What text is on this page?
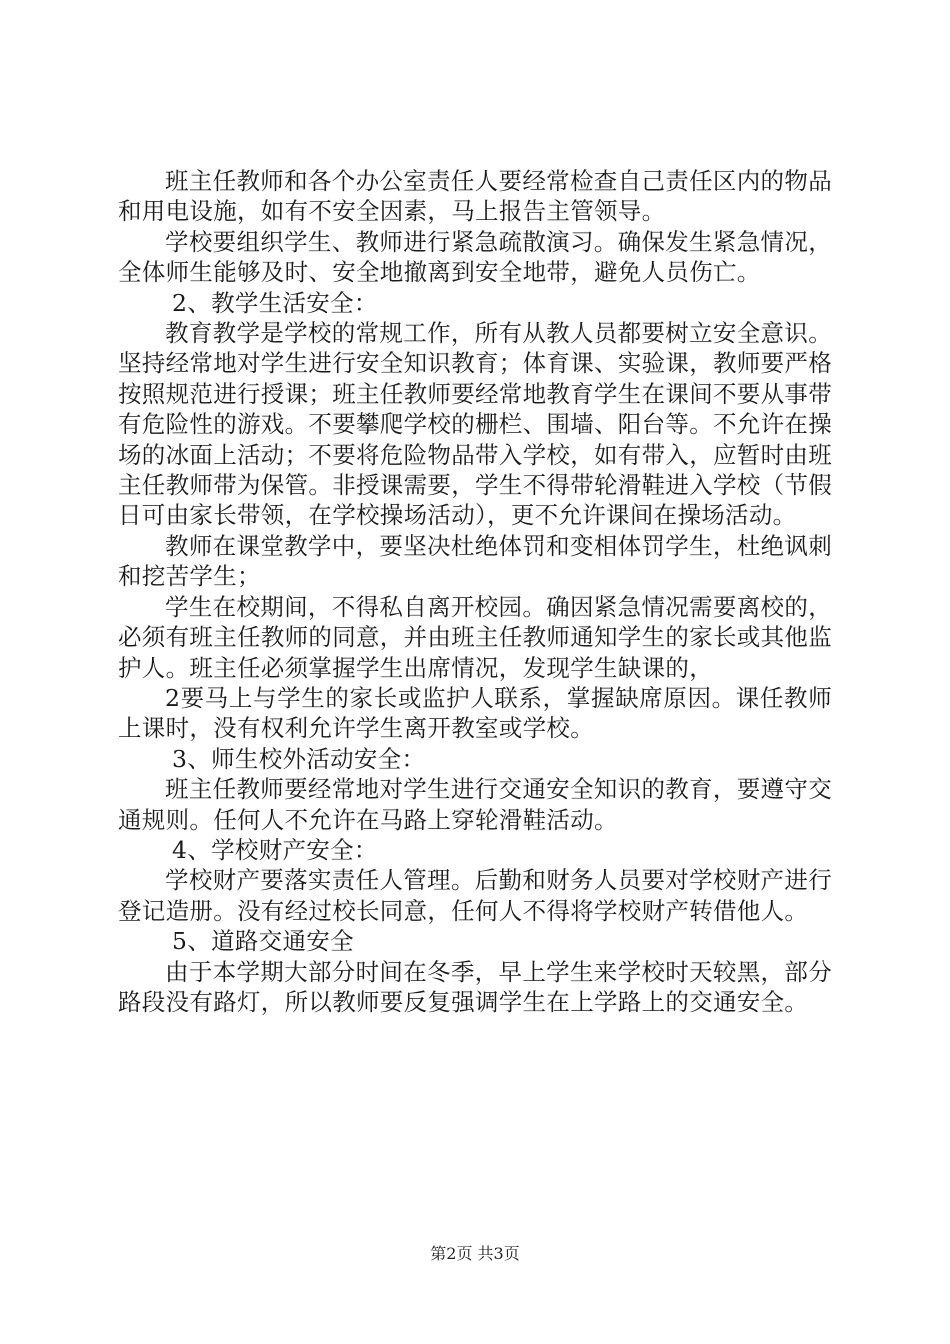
班主任教师和各个办公室责任人要经常检查自己责任区内的物品和用电设施，如有不安全因素，马上报告主管领导。

学校要组织学生、教师进行紧急疏散演习。确保发生紧急情况，全体师生能够及时、安全地撤离到安全地带，避免人员伤亡。

2、教学生活安全：

教育教学是学校的常规工作，所有从教人员都要树立安全意识。坚持经常地对学生进行安全知识教育；体育课、实验课，教师要严格按照规范进行授课；班主任教师要经常地教育学生在课间不要从事带有危险性的游戏。不要攀爬学校的栅栏、围墙、阳台等。不允许在操场的冰面上活动；不要将危险物品带入学校，如有带入，应暂时由班主任教师带为保管。非授课需要，学生不得带轮滑鞋进入学校（节假日可由家长带领，在学校操场活动），更不允许课间在操场活动。

教师在课堂教学中，要坚决杜绝体罚和变相体罚学生，杜绝讽刺和挖苦学生；

学生在校期间，不得私自离开校园。确因紧急情况需要离校的，必须有班主任教师的同意，并由班主任教师通知学生的家长或其他监护人。班主任必须掌握学生出席情况，发现学生缺课的，

2要马上与学生的家长或监护人联系，掌握缺席原因。课任教师上课时，没有权利允许学生离开教室或学校。

3、师生校外活动安全：

班主任教师要经常地对学生进行交通安全知识的教育，要遵守交通规则。任何人不允许在马路上穿轮滑鞋活动。

4、学校财产安全：

学校财产要落实责任人管理。后勤和财务人员要对学校财产进行登记造册。没有经过校长同意，任何人不得将学校财产转借他人。

5、道路交通安全

由于本学期大部分时间在冬季，早上学生来学校时天较黑，部分路段没有路灯，所以教师要反复强调学生在上学路上的交通安全。

第2页 共3页
